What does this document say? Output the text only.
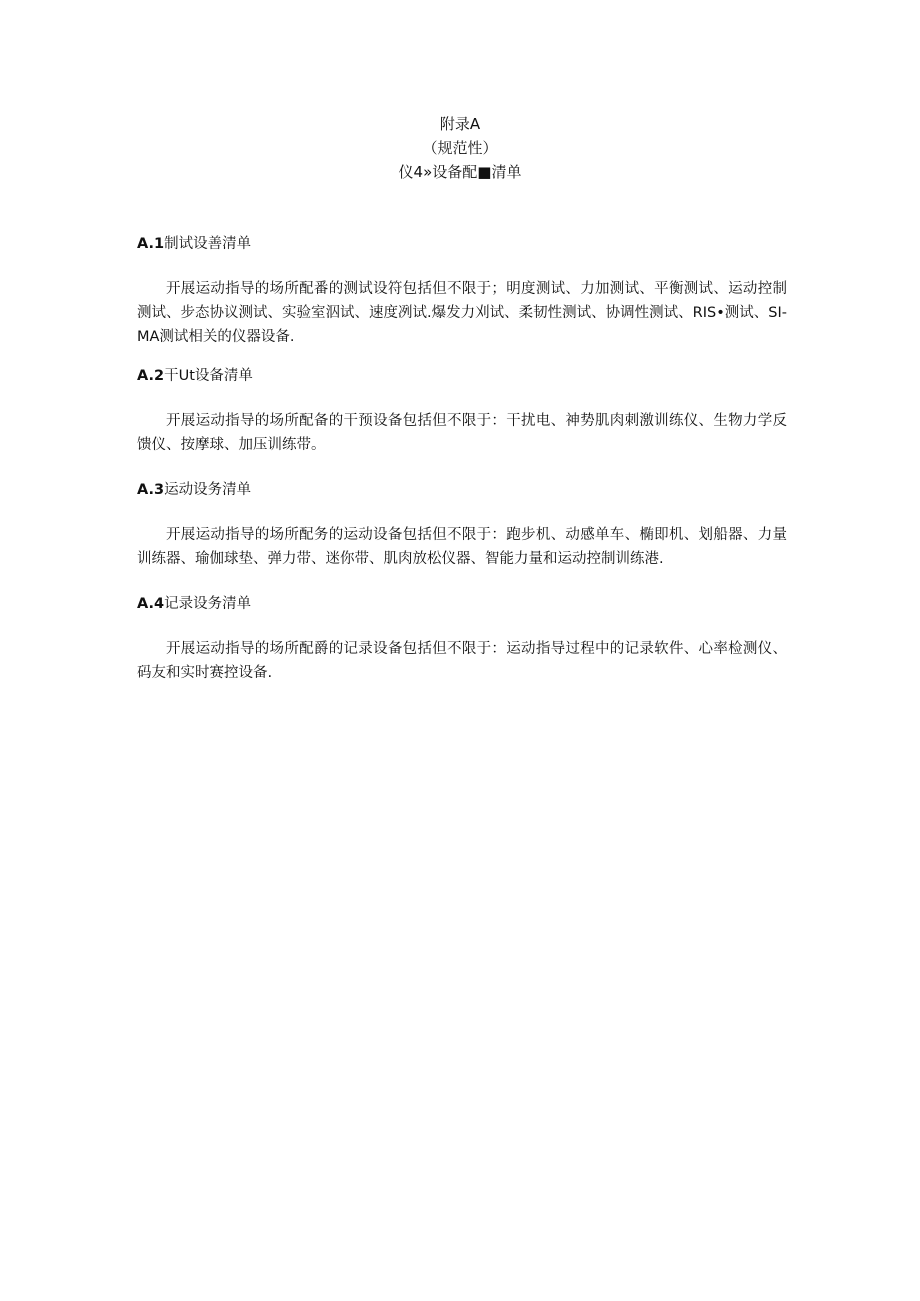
附录A
（规范性）
仪4»设备配■清单
A.1制试设善清单

开展运动指导的场所配番的测试设符包括但不限于；明度测试、力加测试、平衡测试、运动控制测试、步态协议测试、实验室泅试、速度冽试.爆发力刈试、柔韧性测试、协调性测试、RIS•测试、SI-MA测试相关的仪器设备.

A.2干Ut设备清单

开展运动指导的场所配备的干预设备包括但不限于：干扰电、神势肌肉刺激训练仪、生物力学反馈仪、按摩球、加压训练带。

A.3运动设务清单

开展运动指导的场所配务的运动设备包括但不限于：跑步机、动感单车、椭即机、划船器、力量训练器、瑜伽球垫、弹力带、迷你带、肌肉放松仪器、智能力量和运动控制训练港.

A.4记录设务清单

开展运动指导的场所配爵的记录设备包括但不限于：运动指导过程中的记录软件、心率检测仪、码友和实时赛控设备.
